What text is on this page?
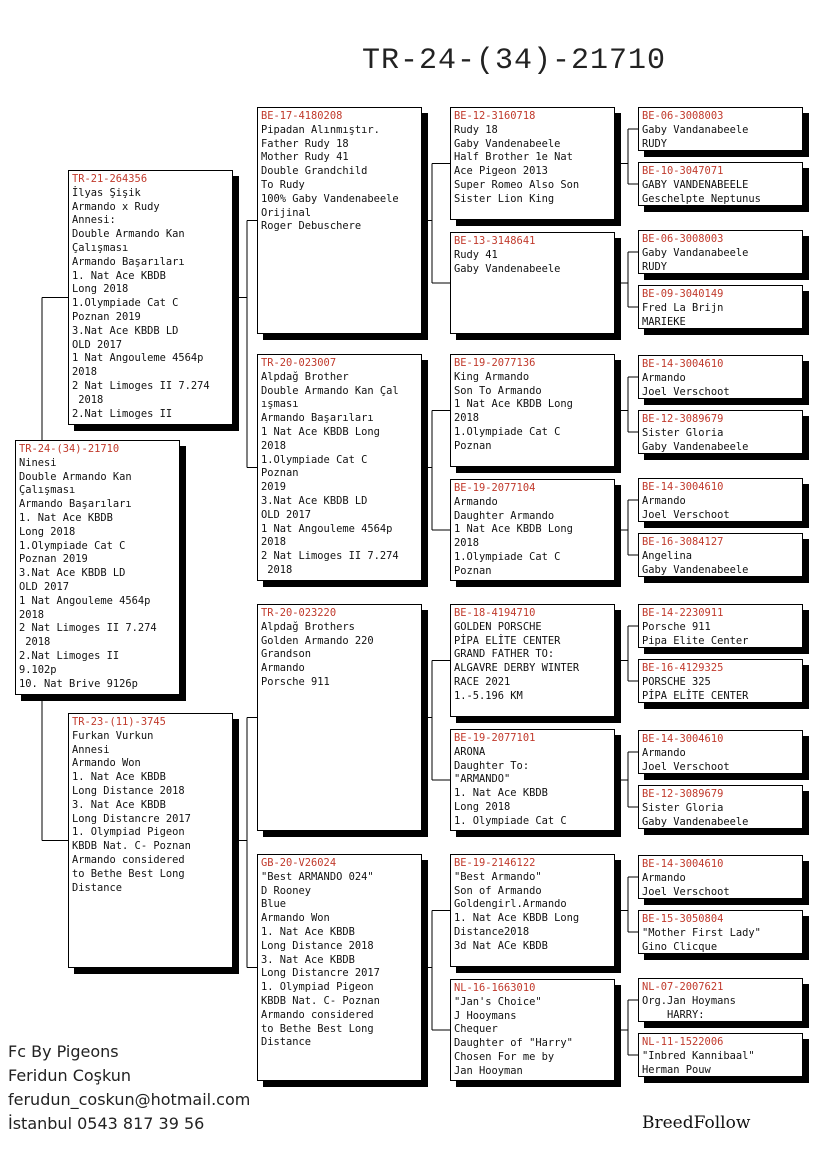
TR-24-(34)-21710
TR-24-(34)-21710
Ninesi
Double Armando Kan
Çalışması
Armando Başarıları
1. Nat Ace KBDB
Long 2018
1.Olympiade Cat C
Poznan 2019
3.Nat Ace KBDB LD
OLD 2017
1 Nat Angouleme 4564p
2018
2 Nat Limoges II 7.274
2018
2.Nat Limoges II
9.102p
10. Nat Brive 9126p
TR-21-264356
İlyas Şişik
Armando x Rudy
Annesi:
Double Armando Kan
Çalışması
Armando Başarıları
1. Nat Ace KBDB
Long 2018
1.Olympiade Cat C
Poznan 2019
3.Nat Ace KBDB LD
OLD 2017
1 Nat Angouleme 4564p
2018
2 Nat Limoges II 7.274
2018
2.Nat Limoges II
TR-23-(11)-3745
Furkan Vurkun
Annesi
Armando Won
1. Nat Ace KBDB
Long Distance 2018
3. Nat Ace KBDB
Long Distancre 2017
1. Olympiad Pigeon
KBDB Nat. C- Poznan
Armando considered
to Bethe Best Long
Distance
BE-17-4180208
Pipadan Alınmıştır.
Father Rudy 18
Mother Rudy 41
Double Grandchild
To Rudy
100% Gaby Vandenabeele
Orijinal
Roger Debuschere
TR-20-023007
Alpdağ Brother
Double Armando Kan Çal
ışması
Armando Başarıları
1 Nat Ace KBDB Long
2018
1.Olympiade Cat C
Poznan
2019
3.Nat Ace KBDB LD
OLD 2017
1 Nat Angouleme 4564p
2018
2 Nat Limoges II 7.274
2018
TR-20-023220
Alpdağ Brothers
Golden Armando 220
Grandson
Armando
Porsche 911
GB-20-V26024
"Best ARMANDO 024"
D Rooney
Blue
Armando Won
1. Nat Ace KBDB
Long Distance 2018
3. Nat Ace KBDB
Long Distancre 2017
1. Olympiad Pigeon
KBDB Nat. C- Poznan
Armando considered
to Bethe Best Long
Distance
BE-12-3160718
Rudy 18
Gaby Vandenabeele
Half Brother 1e Nat
Ace Pigeon 2013
Super Romeo Also Son
Sister Lion King
BE-13-3148641
Rudy 41
Gaby Vandenabeele
BE-19-2077136
King Armando
Son To Armando
1 Nat Ace KBDB Long
2018
1.Olympiade Cat C
Poznan
BE-19-2077104
Armando
Daughter Armando
1 Nat Ace KBDB Long
2018
1.Olympiade Cat C
Poznan
BE-18-4194710
GOLDEN PORSCHE
PİPA ELİTE CENTER
GRAND FATHER TO:
ALGAVRE DERBY WINTER
RACE 2021
1.-5.196 KM
BE-19-2077101
ARONA
Daughter To:
"ARMANDO"
1. Nat Ace KBDB
Long 2018
1. Olympiade Cat C
BE-19-2146122
"Best Armando"
Son of Armando
Goldengirl.Armando
1. Nat Ace KBDB Long
Distance2018
3d Nat ACe KBDB
NL-16-1663010
"Jan's Choice"
J Hooymans
Chequer
Daughter of "Harry"
Chosen For me by
Jan Hooyman
BE-06-3008003
Gaby Vandanabeele
RUDY
BE-10-3047071
GABY VANDENABEELE
Geschelpte Neptunus
BE-06-3008003
Gaby Vandanabeele
RUDY
BE-09-3040149
Fred La Brijn
MARIEKE
BE-14-3004610
Armando
Joel Verschoot
BE-12-3089679
Sister Gloria
Gaby Vandenabeele
BE-14-3004610
Armando
Joel Verschoot
BE-16-3084127
Angelina
Gaby Vandenabeele
BE-14-2230911
Porsche 911
Pipa Elite Center
BE-16-4129325
PORSCHE 325
PİPA ELİTE CENTER
BE-14-3004610
Armando
Joel Verschoot
BE-12-3089679
Sister Gloria
Gaby Vandenabeele
BE-14-3004610
Armando
Joel Verschoot
BE-15-3050804
"Mother First Lady"
Gino Clicque
NL-07-2007621
Org.Jan Hoymans
HARRY:
NL-11-1522006
"Inbred Kannibaal"
Herman Pouw
Fc By Pigeons
Feridun Coşkun
ferudun_coskun@hotmail.com
İstanbul 0543 817 39 56	BreedFollow
